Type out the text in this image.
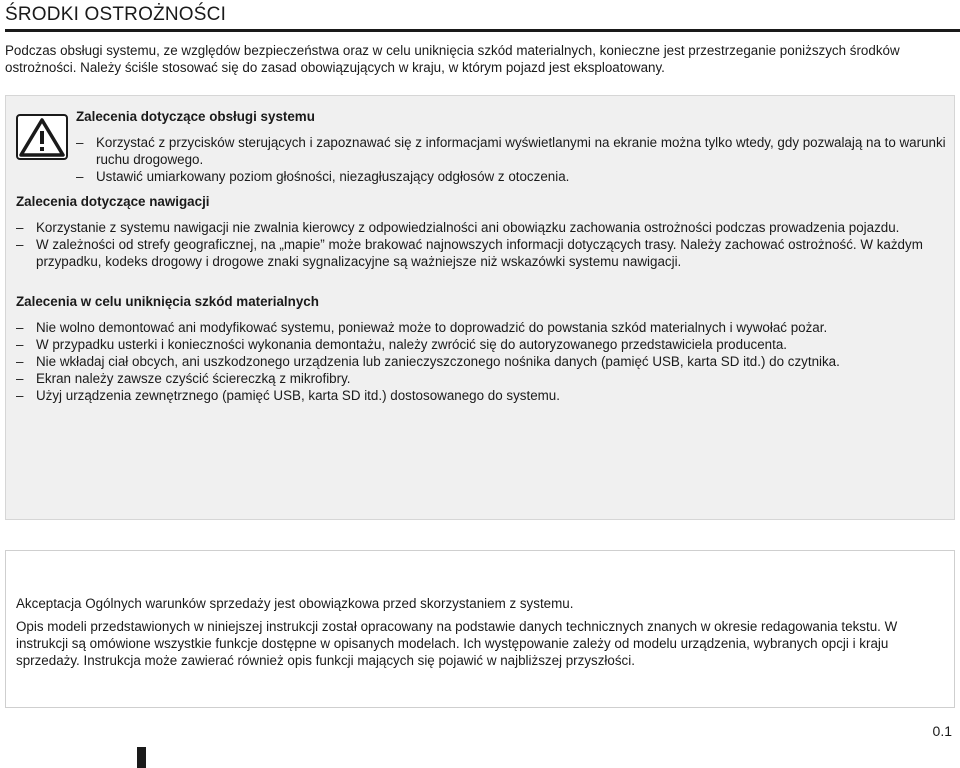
ŚRODKI OSTROŻNOŚCI
Podczas obsługi systemu, ze względów bezpieczeństwa oraz w celu uniknięcia szkód materialnych, konieczne jest przestrzeganie poniższych środków ostrożności. Należy ściśle stosować się do zasad obowiązujących w kraju, w którym pojazd jest eksploatowany.
Zalecenia dotyczące obsługi systemu
– Korzystać z przycisków sterujących i zapoznawać się z informacjami wyświetlanymi na ekranie można tylko wtedy, gdy pozwalają na to warunki ruchu drogowego.
– Ustawić umiarkowany poziom głośności, niezagłuszający odgłosów z otoczenia.
Zalecenia dotyczące nawigacji
– Korzystanie z systemu nawigacji nie zwalnia kierowcy z odpowiedzialności ani obowiązku zachowania ostrożności podczas prowadzenia pojazdu.
– W zależności od strefy geograficznej, na „mapie” może brakować najnowszych informacji dotyczących trasy. Należy zachować ostrożność. W każdym przypadku, kodeks drogowy i drogowe znaki sygnalizacyjne są ważniejsze niż wskazówki systemu nawigacji.
Zalecenia w celu uniknięcia szkód materialnych
– Nie wolno demontować ani modyfikować systemu, ponieważ może to doprowadzić do powstania szkód materialnych i wywołać pożar.
– W przypadku usterki i konieczności wykonania demontażu, należy zwrócić się do autoryzowanego przedstawiciela producenta.
– Nie wkładaj ciał obcych, ani uszkodzonego urządzenia lub zanieczyszczonego nośnika danych (pamięć USB, karta SD itd.) do czytnika.
– Ekran należy zawsze czyścić ściereczką z mikrofibry.
– Użyj urządzenia zewnętrznego (pamięć USB, karta SD itd.) dostosowanego do systemu.

Akceptacja Ogólnych warunków sprzedaży jest obowiązkowa przed skorzystaniem z systemu.

Opis modeli przedstawionych w niniejszej instrukcji został opracowany na podstawie danych technicznych znanych w okresie redagowania tekstu. W instrukcji są omówione wszystkie funkcje dostępne w opisanych modelach. Ich występowanie zależy od modelu urządzenia, wybranych opcji i kraju sprzedaży. Instrukcja może zawierać również opis funkcji mających się pojawić w najbliższej przyszłości.

0.1
